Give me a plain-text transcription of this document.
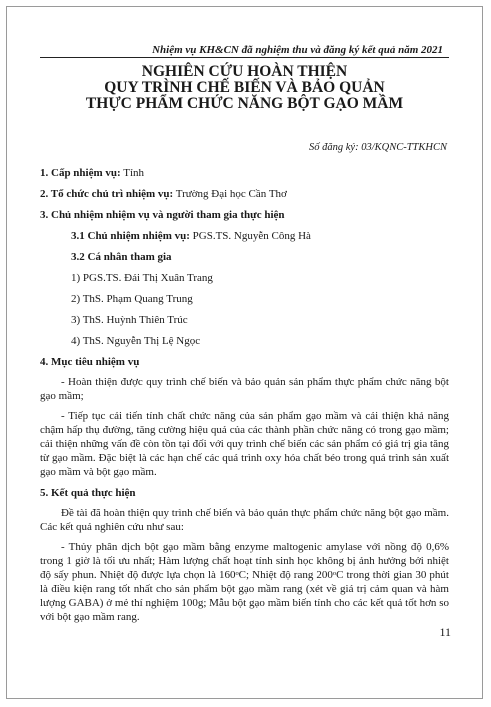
Nhiệm vụ KH&CN đã nghiệm thu và đăng ký kết quả năm 2021
NGHIÊN CỨU HOÀN THIỆN
QUY TRÌNH CHẾ BIẾN VÀ BẢO QUẢN
THỰC PHẨM CHỨC NĂNG BỘT GẠO MẦM
Số đăng ký: 03/KQNC-TTKHCN
1. Cấp nhiệm vụ: Tỉnh
2. Tổ chức chủ trì nhiệm vụ: Trường Đại học Cần Thơ
3. Chủ nhiệm nhiệm vụ và người tham gia thực hiện
3.1 Chủ nhiệm nhiệm vụ: PGS.TS. Nguyễn Công Hà
3.2 Cá nhân tham gia
1) PGS.TS. Đái Thị Xuân Trang
2) ThS. Phạm Quang Trung
3) ThS. Huỳnh Thiên Trúc
4) ThS. Nguyễn Thị Lệ Ngọc
4. Mục tiêu nhiệm vụ

- Hoàn thiện được quy trình chế biến và bảo quản sản phẩm thực phẩm chức năng bột gạo mầm;

- Tiếp tục cải tiến tính chất chức năng của sản phẩm gạo mầm và cải thiện khả năng chậm hấp thụ đường, tăng cường hiệu quả của các thành phần chức năng có trong gạo mầm; cải thiện những vấn đề còn tồn tại đối với quy trình chế biến các sản phẩm có giá trị gia tăng từ gạo mầm. Đặc biệt là các hạn chế các quá trình oxy hóa chất béo trong quá trình sản xuất gạo mầm và bột gạo mầm.

5. Kết quả thực hiện

Đề tài đã hoàn thiện quy trình chế biến và bảo quản thực phẩm chức năng bột gạo mầm. Các kết quả nghiên cứu như sau:

- Thủy phân dịch bột gạo mầm bằng enzyme maltogenic amylase với nồng độ 0,6% trong 1 giờ là tối ưu nhất; Hàm lượng chất hoạt tính sinh học không bị ảnh hưởng bởi nhiệt độ sấy phun. Nhiệt độ được lựa chọn là 160ᵒC; Nhiệt độ rang 200ᵒC trong thời gian 30 phút là điều kiện rang tốt nhất cho sản phẩm bột gạo mầm rang (xét về giá trị cảm quan và hàm lượng GABA) ở mẻ thí nghiệm 100g; Mẫu bột gạo mầm biến tính cho các kết quả tốt hơn so với bột gạo mầm rang.

11
